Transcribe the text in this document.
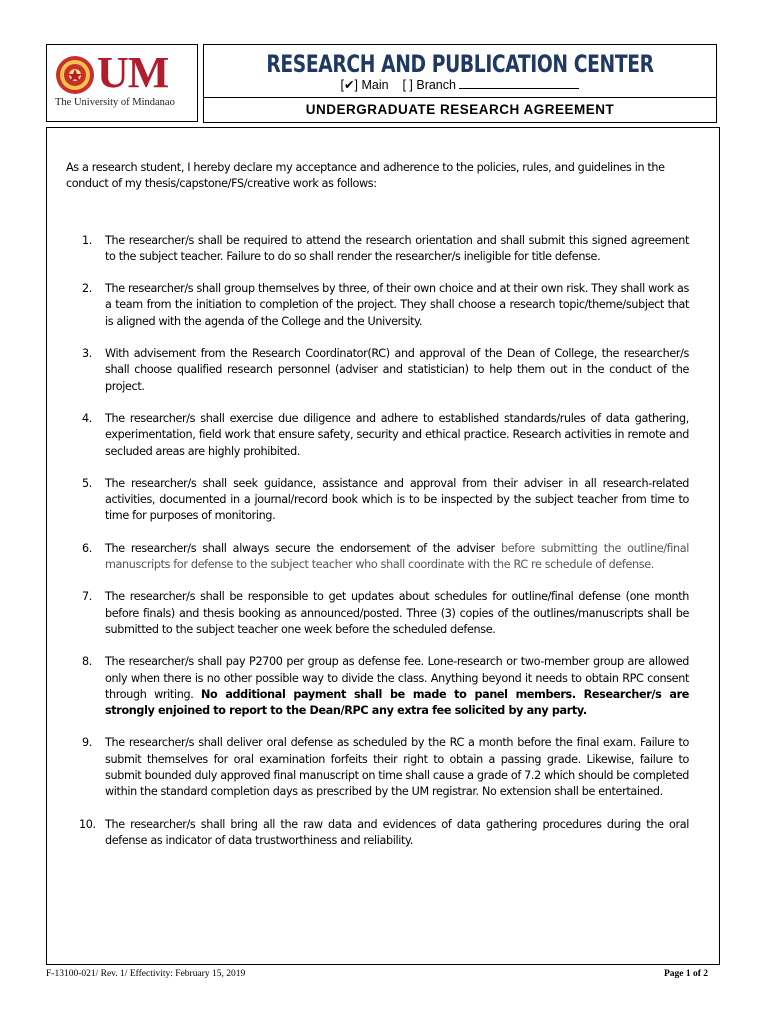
UM
The University of Mindanao
RESEARCH AND PUBLICATION CENTER
[✔] Main [ ] Branch
UNDERGRADUATE RESEARCH AGREEMENT

As a research student, I hereby declare my acceptance and adherence to the policies, rules, and guidelines in the conduct of my thesis/capstone/FS/creative work as follows:

1. The researcher/s shall be required to attend the research orientation and shall submit this signed agreement to the subject teacher. Failure to do so shall render the researcher/s ineligible for title defense.
2. The researcher/s shall group themselves by three, of their own choice and at their own risk. They shall work as a team from the initiation to completion of the project. They shall choose a research topic/theme/subject that is aligned with the agenda of the College and the University.
3. With advisement from the Research Coordinator(RC) and approval of the Dean of College, the researcher/s shall choose qualified research personnel (adviser and statistician) to help them out in the conduct of the project.
4. The researcher/s shall exercise due diligence and adhere to established standards/rules of data gathering, experimentation, field work that ensure safety, security and ethical practice. Research activities in remote and secluded areas are highly prohibited.
5. The researcher/s shall seek guidance, assistance and approval from their adviser in all research-related activities, documented in a journal/record book which is to be inspected by the subject teacher from time to time for purposes of monitoring.
6. The researcher/s shall always secure the endorsement of the adviser before submitting the outline/final manuscripts for defense to the subject teacher who shall coordinate with the RC re schedule of defense.
7. The researcher/s shall be responsible to get updates about schedules for outline/final defense (one month before finals) and thesis booking as announced/posted. Three (3) copies of the outlines/manuscripts shall be submitted to the subject teacher one week before the scheduled defense.
8. The researcher/s shall pay P2700 per group as defense fee. Lone-research or two-member group are allowed only when there is no other possible way to divide the class. Anything beyond it needs to obtain RPC consent through writing. No additional payment shall be made to panel members. Researcher/s are strongly enjoined to report to the Dean/RPC any extra fee solicited by any party.
9. The researcher/s shall deliver oral defense as scheduled by the RC a month before the final exam. Failure to submit themselves for oral examination forfeits their right to obtain a passing grade. Likewise, failure to submit bounded duly approved final manuscript on time shall cause a grade of 7.2 which should be completed within the standard completion days as prescribed by the UM registrar. No extension shall be entertained.
10. The researcher/s shall bring all the raw data and evidences of data gathering procedures during the oral defense as indicator of data trustworthiness and reliability.
F-13100-021/ Rev. 1/ Effectivity: February 15, 2019	Page 1 of 2
